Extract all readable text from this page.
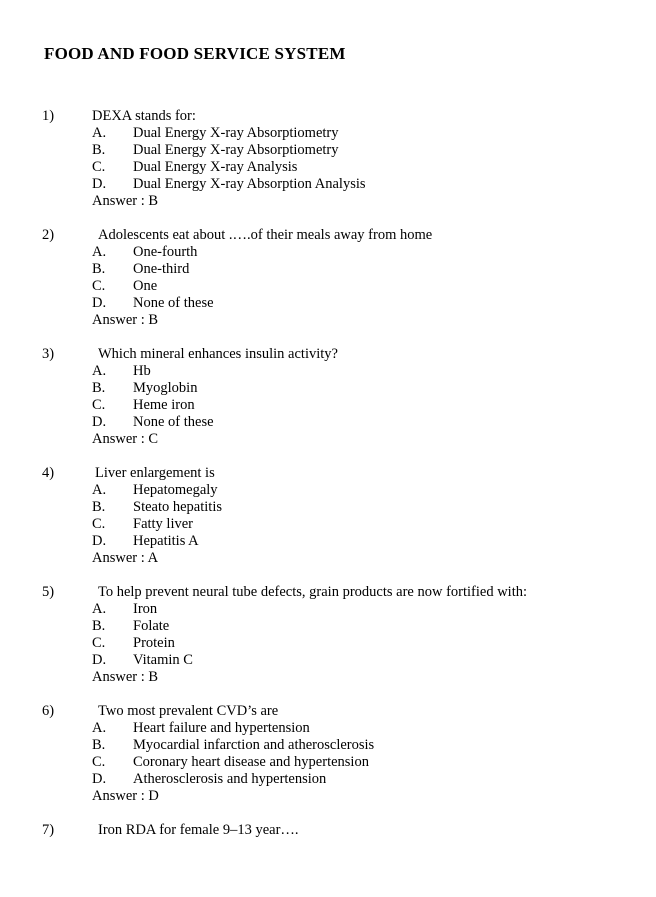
FOOD AND FOOD SERVICE SYSTEM
1)	DEXA stands for:
A. Dual Energy X-ray Absorptiometry
B. Dual Energy X-ray Absorptiometry
C. Dual Energy X-ray Analysis
D. Dual Energy X-ray Absorption Analysis
Answer : B
2)	Adolescents eat about .….of their meals away from home
A. One-fourth
B. One-third
C. One
D. None of these
Answer : B
3)	Which mineral enhances insulin activity?
A. Hb
B. Myoglobin
C. Heme iron
D. None of these
Answer : C
4)	Liver enlargement is
A. Hepatomegaly
B. Steato hepatitis
C. Fatty liver
D. Hepatitis A
Answer : A
5)	To help prevent neural tube defects, grain products are now fortified with:
A. Iron
B. Folate
C. Protein
D. Vitamin C
Answer : B
6)	Two most prevalent CVD’s are
A. Heart failure and hypertension
B. Myocardial infarction and atherosclerosis
C. Coronary heart disease and hypertension
D. Atherosclerosis and hypertension
Answer : D
7)	Iron RDA for female 9–13 year….
